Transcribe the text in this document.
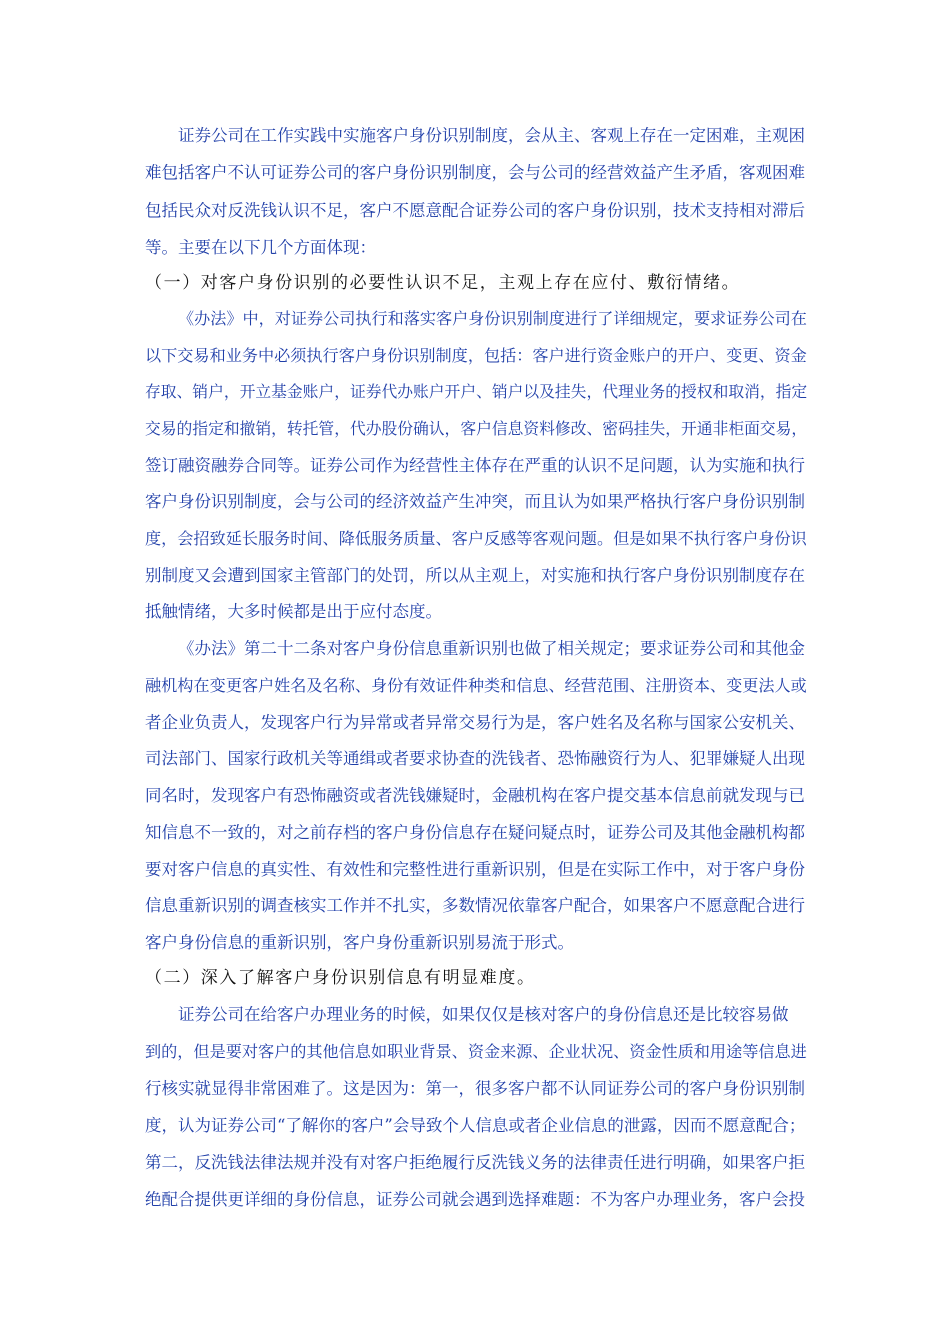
证券公司在工作实践中实施客户身份识别制度，会从主、客观上存在一定困难，主观困
难包括客户不认可证券公司的客户身份识别制度，会与公司的经营效益产生矛盾，客观困难
包括民众对反洗钱认识不足，客户不愿意配合证券公司的客户身份识别，技术支持相对滞后
等。主要在以下几个方面体现：
（一）对客户身份识别的必要性认识不足，主观上存在应付、敷衍情绪。
《办法》中，对证券公司执行和落实客户身份识别制度进行了详细规定，要求证券公司在
以下交易和业务中必须执行客户身份识别制度，包括：客户进行资金账户的开户、变更、资金
存取、销户，开立基金账户，证券代办账户开户、销户以及挂失，代理业务的授权和取消，指定
交易的指定和撤销，转托管，代办股份确认，客户信息资料修改、密码挂失，开通非柜面交易，
签订融资融券合同等。证券公司作为经营性主体存在严重的认识不足问题，认为实施和执行
客户身份识别制度，会与公司的经济效益产生冲突，而且认为如果严格执行客户身份识别制
度，会招致延长服务时间、降低服务质量、客户反感等客观问题。但是如果不执行客户身份识
别制度又会遭到国家主管部门的处罚，所以从主观上，对实施和执行客户身份识别制度存在
抵触情绪，大多时候都是出于应付态度。
《办法》第二十二条对客户身份信息重新识别也做了相关规定；要求证券公司和其他金
融机构在变更客户姓名及名称、身份有效证件种类和信息、经营范围、注册资本、变更法人或
者企业负责人，发现客户行为异常或者异常交易行为是，客户姓名及名称与国家公安机关、
司法部门、国家行政机关等通缉或者要求协查的洗钱者、恐怖融资行为人、犯罪嫌疑人出现
同名时，发现客户有恐怖融资或者洗钱嫌疑时，金融机构在客户提交基本信息前就发现与已
知信息不一致的，对之前存档的客户身份信息存在疑问疑点时，证券公司及其他金融机构都
要对客户信息的真实性、有效性和完整性进行重新识别，但是在实际工作中，对于客户身份
信息重新识别的调查核实工作并不扎实，多数情况依靠客户配合，如果客户不愿意配合进行
客户身份信息的重新识别，客户身份重新识别易流于形式。
（二）深入了解客户身份识别信息有明显难度。
证券公司在给客户办理业务的时候，如果仅仅是核对客户的身份信息还是比较容易做
到的，但是要对客户的其他信息如职业背景、资金来源、企业状况、资金性质和用途等信息进
行核实就显得非常困难了。这是因为：第一，很多客户都不认同证券公司的客户身份识别制
度，认为证券公司“了解你的客户”会导致个人信息或者企业信息的泄露，因而不愿意配合；
第二，反洗钱法律法规并没有对客户拒绝履行反洗钱义务的法律责任进行明确，如果客户拒
绝配合提供更详细的身份信息，证券公司就会遇到选择难题：不为客户办理业务，客户会投
